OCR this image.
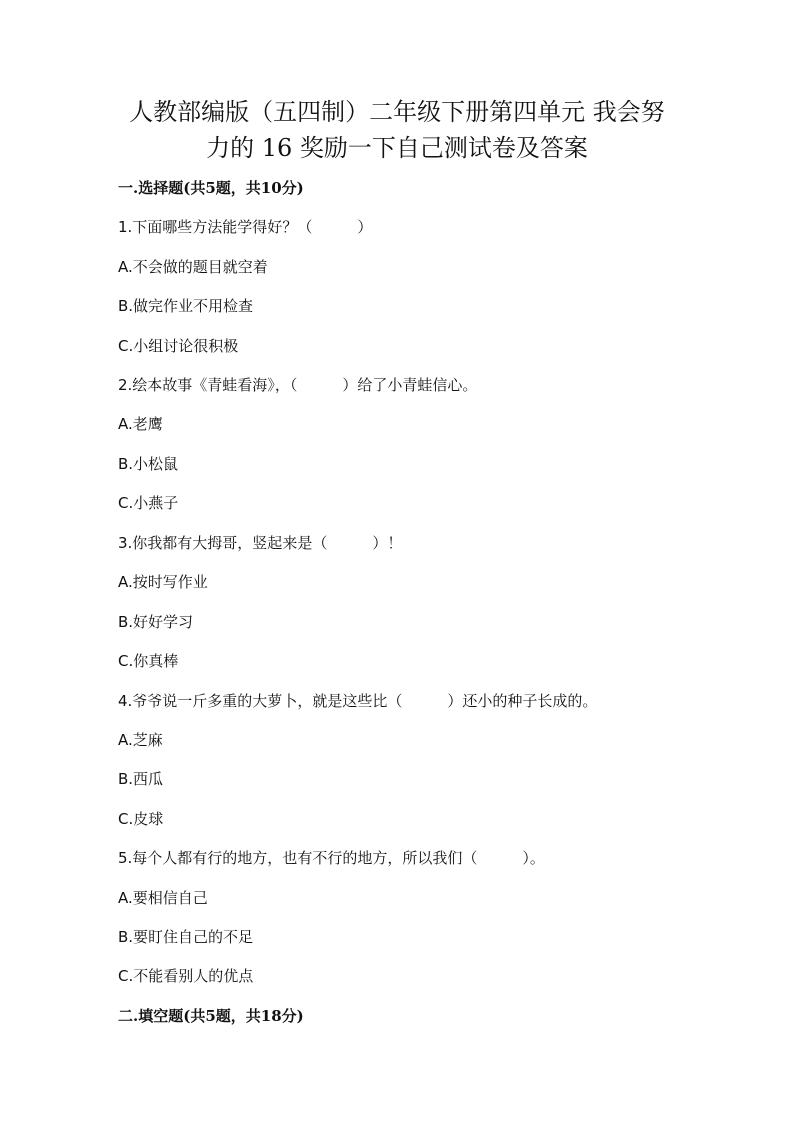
人教部编版（五四制）二年级下册第四单元 我会努
力的 16 奖励一下自己测试卷及答案
一.选择题(共5题，共10分)
1.下面哪些方法能学得好？（　　　）
A.不会做的题目就空着
B.做完作业不用检查
C.小组讨论很积极
2.绘本故事《青蛙看海》，（　　　）给了小青蛙信心。
A.老鹰
B.小松鼠
C.小燕子
3.你我都有大拇哥，竖起来是（　　　）！
A.按时写作业
B.好好学习
C.你真棒
4.爷爷说一斤多重的大萝卜，就是这些比（　　　）还小的种子长成的。
A.芝麻
B.西瓜
C.皮球
5.每个人都有行的地方，也有不行的地方，所以我们（　　　）。
A.要相信自己
B.要盯住自己的不足
C.不能看别人的优点
二.填空题(共5题，共18分)
